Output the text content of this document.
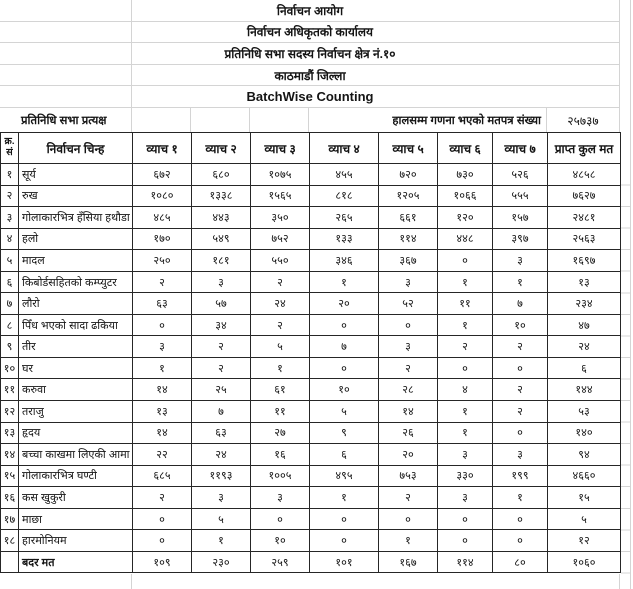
निर्वाचन आयोग
निर्वाचन अधिकृतको कार्यालय
प्रतिनिधि सभा सदस्य निर्वाचन क्षेत्र नं.१०
काठमाडौं जिल्ला
BatchWise Counting
प्रतिनिधि सभा प्रत्यक्ष	हालसम्म गणना भएको मतपत्र संख्या	२५७३७
क्र.
सं	निर्वाचन चिन्ह	व्याच १	व्याच २	व्याच ३	व्याच ४	व्याच ५	व्याच ६	व्याच ७	प्राप्त कुल मत
१ सूर्य	६७२	६८०	१०७५	४५५	७२०	७३०	५२६	४८५८
२ रुख	१०८०	१३३८	१५६५	८१८	१२०५	१०६६	५५५	७६२७
३ गोलाकारभित्र हँसिया हथौडा	४८५	४४३	३५०	२६५	६६१	१२०	१५७	२४८१
४ हलो	१७०	५४९	७५२	१३३	११४	४४८	३९७	२५६३
५ मादल	२५०	१८१	५५०	३४६	३६७	०	३	१६९७
६ किबोर्डसहितको कम्प्युटर	२	३	२	१	३	१	१	१३
७ लौरो	६३	५७	२४	२०	५२	११	७	२३४
८ पिँध भएको सादा ढकिया	०	३४	२	०	०	१	१०	४७
९ तीर	३	२	५	७	३	२	२	२४
१० घर	१	२	१	०	२	०	०	६
११ करुवा	१४	२५	६१	१०	२८	४	२	१४४
१२ तराजु	१३	७	११	५	१४	१	२	५३
१३ हृदय	१४	६३	२७	९	२६	१	०	१४०
१४ बच्चा काखमा लिएकी आमा	२२	२४	१६	६	२०	३	३	९४
१५ गोलाकारभित्र घण्टी	६८५	११९३	१००५	४९५	७५३	३३०	१९९	४६६०
१६ कस खुकुरी	२	३	३	१	२	३	१	१५
१७ माछा	०	५	०	०	०	०	०	५
१८ हारमोनियम	०	१	१०	०	१	०	०	१२
बदर मत	१०९	२३०	२५९	१०१	१६७	११४	८०	१०६०
